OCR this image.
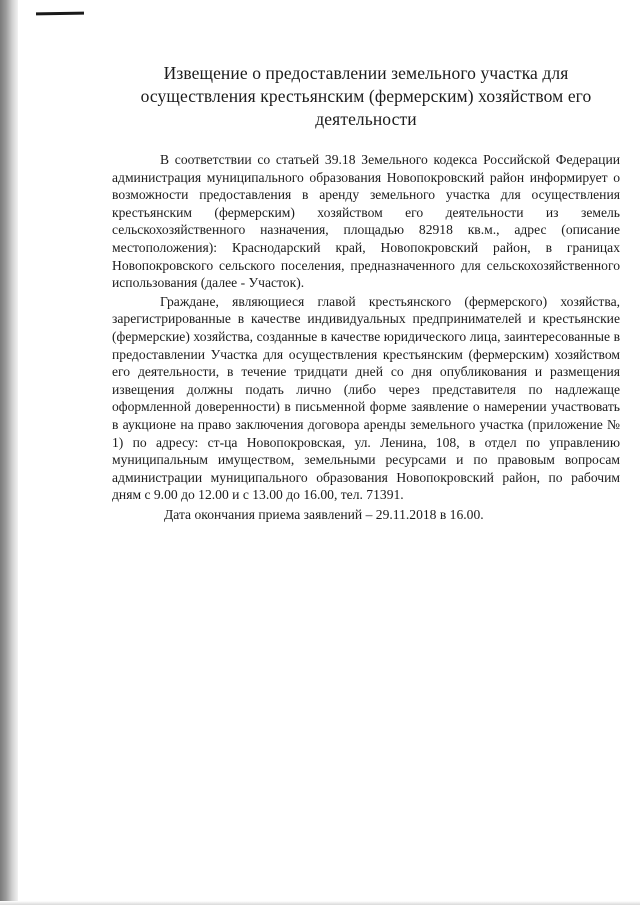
Извещение о предоставлении земельного участка для осуществления крестьянским (фермерским) хозяйством его деятельности

В соответствии со статьей 39.18 Земельного кодекса Российской Федерации администрация муниципального образования Новопокровский район информирует о возможности предоставления в аренду земельного участка для осуществления крестьянским (фермерским) хозяйством его деятельности из земель сельскохозяйственного назначения, площадью 82918 кв.м., адрес (описание местоположения): Краснодарский край, Новопокровский район, в границах Новопокровского сельского поселения, предназначенного для сельскохозяйственного использования (далее - Участок).

Граждане, являющиеся главой крестьянского (фермерского) хозяйства, зарегистрированные в качестве индивидуальных предпринимателей и крестьянские (фермерские) хозяйства, созданные в качестве юридического лица, заинтересованные в предоставлении Участка для осуществления крестьянским (фермерским) хозяйством его деятельности, в течение тридцати дней со дня опубликования и размещения извещения должны подать лично (либо через представителя по надлежаще оформленной доверенности) в письменной форме заявление о намерении участвовать в аукционе на право заключения договора аренды земельного участка (приложение № 1) по адресу: ст-ца Новопокровская, ул. Ленина, 108, в отдел по управлению муниципальным имуществом, земельными ресурсами и по правовым вопросам администрации муниципального образования Новопокровский район, по рабочим дням с 9.00 до 12.00 и с 13.00 до 16.00, тел. 71391.

Дата окончания приема заявлений – 29.11.2018 в 16.00.
